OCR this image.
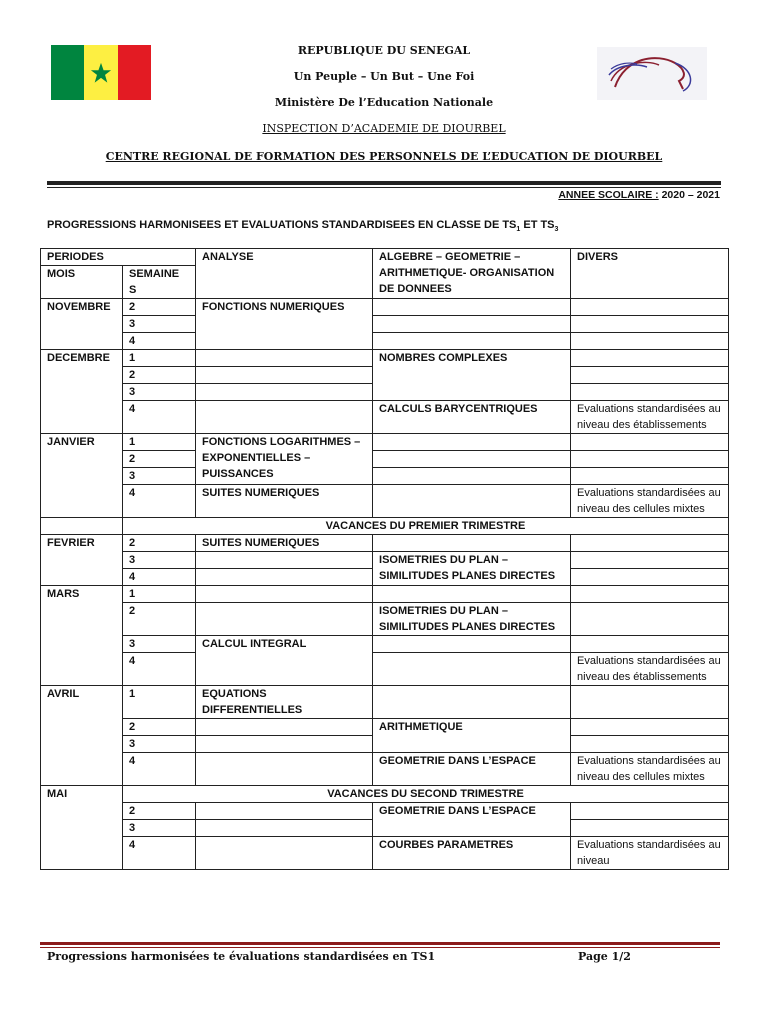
REPUBLIQUE DU SENEGAL
Un Peuple – Un But – Une Foi
Ministère De l’Education Nationale
INSPECTION D’ACADEMIE DE DIOURBEL
CENTRE REGIONAL DE FORMATION DES PERSONNELS DE L’EDUCATION DE DIOURBEL
ANNEE SCOLAIRE : 2020 – 2021
PROGRESSIONS HARMONISEES ET EVALUATIONS STANDARDISEES EN CLASSE DE $TS_1$ ET $TS_3$
PERIODES		ANALYSE	ALGEBRE – GEOMETRIE – ARITHMETIQUE- ORGANISATION DE DONNEES	DIVERS
MOIS	SEMAINE S			

NOVEMBRE	2	FONCTIONS NUMERIQUES		
	3			
	4			
DECEMBRE	1		NOMBRES COMPLEXES	
	2			
	3			
	4		CALCULS BARYCENTRIQUES	Evaluations standardisées au niveau des établissements

JANVIER	1	FONCTIONS LOGARITHMES – EXPONENTIELLES – PUISSANCES		
	2			
	3			
	4	SUITES NUMERIQUES		Evaluations standardisées au niveau des cellules mixtes

	VACANCES DU PREMIER TRIMESTRE			
FEVRIER	2	SUITES NUMERIQUES		
	3		ISOMETRIES DU PLAN – SIMILITUDES PLANES DIRECTES	
	4			
MARS	1			
	2		ISOMETRIES DU PLAN – SIMILITUDES PLANES DIRECTES	

	3	CALCUL INTEGRAL		
	4			Evaluations standardisées au niveau des établissements

AVRIL	1	EQUATIONS DIFFERENTIELLES		

	2		ARITHMETIQUE	
	3			
	4		GEOMETRIE DANS L’ESPACE	Evaluations standardisées au niveau des cellules mixtes

MAI	VACANCES DU SECOND TRIMESTRE			
	2		GEOMETRIE DANS L’ESPACE	
	3			
	4		COURBES PARAMETRES	Evaluations standardisées au niveau

Progressions harmonisées te évaluations standardisées en TS1	Page 1/2
